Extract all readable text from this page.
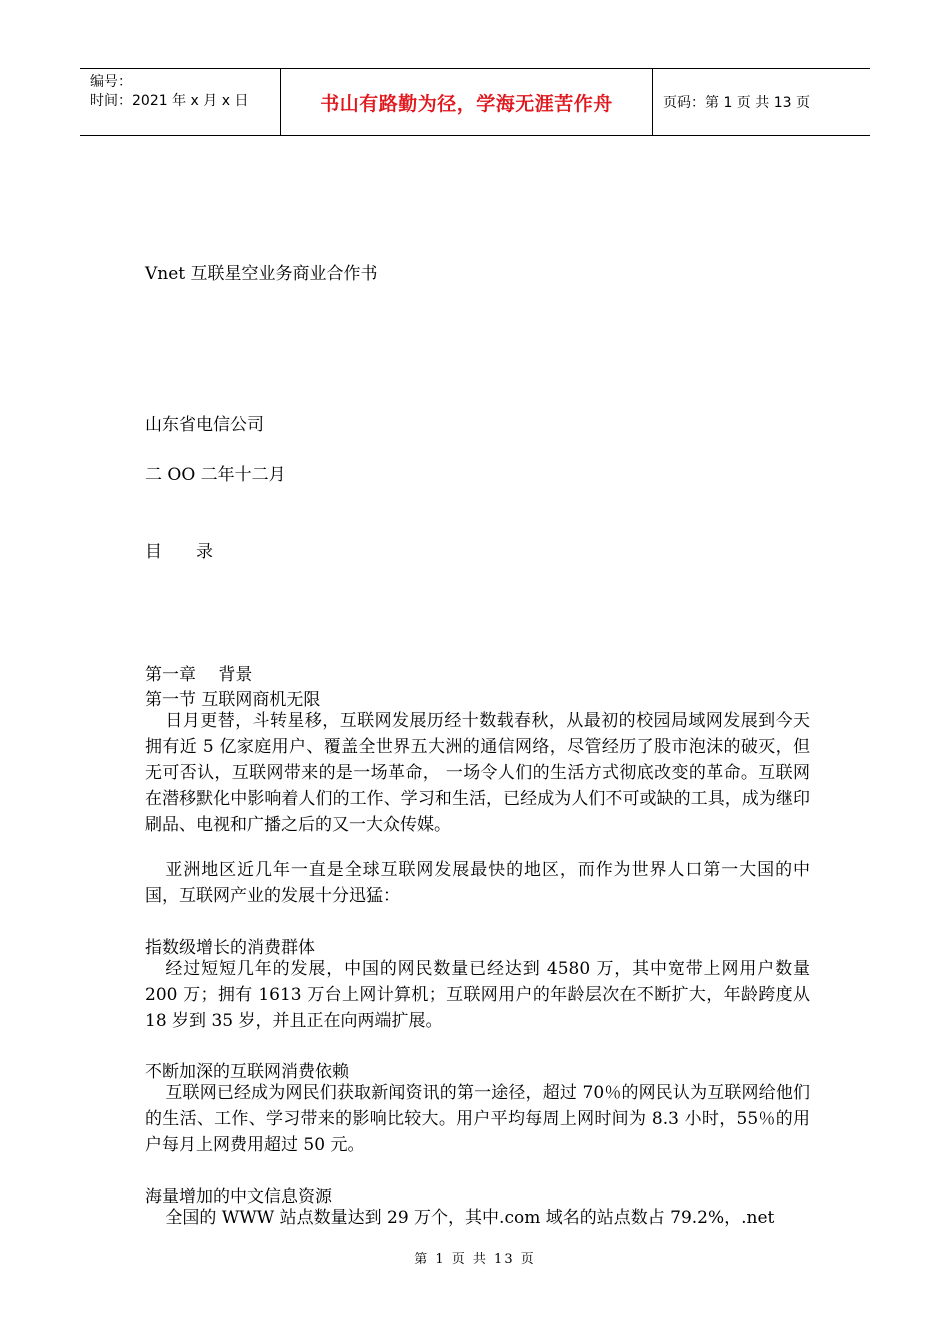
编号：
时间：2021 年 x 月 x 日	书山有路勤为径，学海无涯苦作舟	页码：第 1 页 共 13 页
Vnet 互联星空业务商业合作书
山东省电信公司
二 OO 二年十二月
目　　录
第一章　 背景
第一节 互联网商机无限

日月更替，斗转星移，互联网发展历经十数载春秋，从最初的校园局域网发展到今天拥有近 5 亿家庭用户、覆盖全世界五大洲的通信网络，尽管经历了股市泡沫的破灭，但无可否认，互联网带来的是一场革命， 一场令人们的生活方式彻底改变的革命。互联网在潜移默化中影响着人们的工作、学习和生活，已经成为人们不可或缺的工具，成为继印刷品、电视和广播之后的又一大众传媒。

亚洲地区近几年一直是全球互联网发展最快的地区，而作为世界人口第一大国的中国，互联网产业的发展十分迅猛：

指数级增长的消费群体

经过短短几年的发展，中国的网民数量已经达到 4580 万，其中宽带上网用户数量 200 万；拥有 1613 万台上网计算机；互联网用户的年龄层次在不断扩大，年龄跨度从 18 岁到 35 岁，并且正在向两端扩展。

不断加深的互联网消费依赖

互联网已经成为网民们获取新闻资讯的第一途径，超过 70％的网民认为互联网给他们的生活、工作、学习带来的影响比较大。用户平均每周上网时间为 8.3 小时，55％的用户每月上网费用超过 50 元。

海量增加的中文信息资源

全国的 WWW 站点数量达到 29 万个，其中.com 域名的站点数占 79.2%，.net

第 1 页 共 13 页
